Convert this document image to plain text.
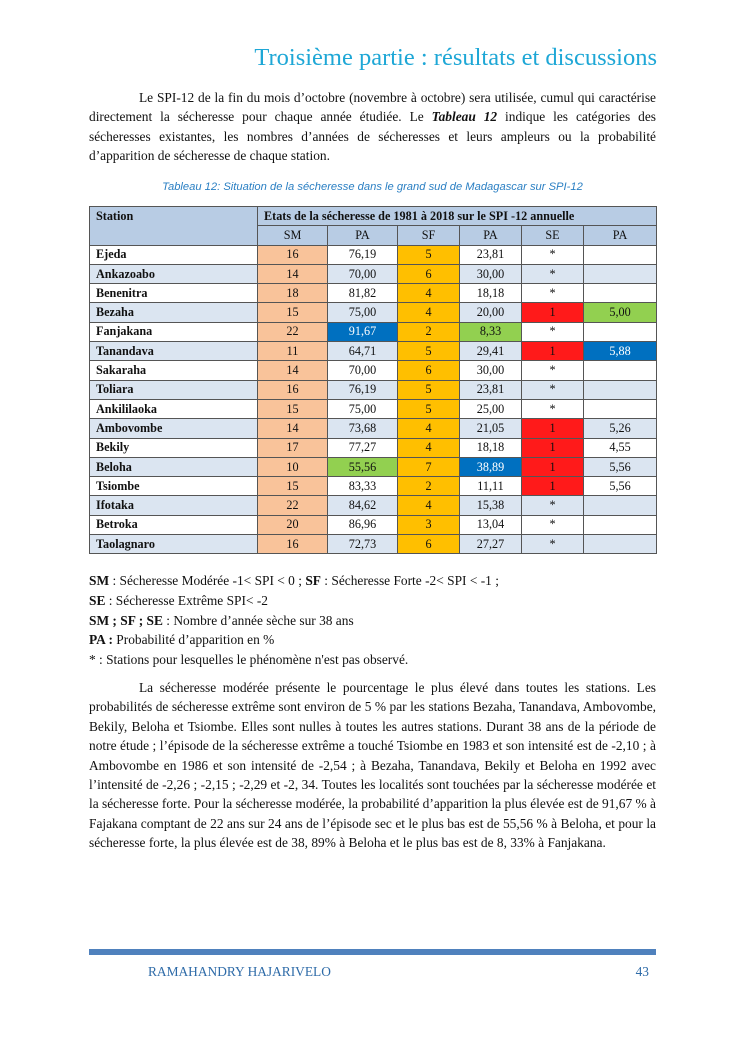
Troisième partie : résultats et discussions
Le SPI-12 de la fin du mois d’octobre (novembre à octobre) sera utilisée, cumul qui caractérise directement la sécheresse pour chaque année étudiée. Le Tableau 12 indique les catégories des sécheresses existantes, les nombres d’années de sécheresses et leurs ampleurs ou la probabilité d’apparition de sécheresse de chaque station.
Tableau 12: Situation de la sécheresse dans le grand sud de Madagascar sur SPI-12
Station	Etats de la sécheresse de 1981 à 2018 sur le SPI -12 annuelle					
	SM	PA	SF	PA	SE	PA
Ejeda	16	76,19	5	23,81	*	
Ankazoabo	14	70,00	6	30,00	*	
Benenitra	18	81,82	4	18,18	*	
Bezaha	15	75,00	4	20,00	1	5,00
Fanjakana	22	91,67	2	8,33	*	
Tanandava	11	64,71	5	29,41	1	5,88
Sakaraha	14	70,00	6	30,00	*	
Toliara	16	76,19	5	23,81	*	
Ankililaoka	15	75,00	5	25,00	*	
Ambovombe	14	73,68	4	21,05	1	5,26
Bekily	17	77,27	4	18,18	1	4,55
Beloha	10	55,56	7	38,89	1	5,56
Tsiombe	15	83,33	2	11,11	1	5,56
Ifotaka	22	84,62	4	15,38	*	
Betroka	20	86,96	3	13,04	*	
Taolagnaro	16	72,73	6	27,27	*	
SM : Sécheresse Modérée -1< SPI < 0 ; SF : Sécheresse Forte -2< SPI < -1 ;
SE : Sécheresse Extrême SPI< -2
SM ; SF ; SE : Nombre d’année sèche sur 38 ans
PA : Probabilité d’apparition en %
* : Stations pour lesquelles le phénomène n'est pas observé.
La sécheresse modérée présente le pourcentage le plus élevé dans toutes les stations. Les probabilités de sécheresse extrême sont environ de 5 % par les stations Bezaha, Tanandava, Ambovombe, Bekily, Beloha et Tsiombe. Elles sont nulles à toutes les autres stations. Durant 38 ans de la période de notre étude ; l’épisode de la sécheresse extrême a touché Tsiombe en 1983 et son intensité est de -2,10 ; à Ambovombe en 1986 et son intensité de -2,54 ; à Bezaha, Tanandava, Bekily et Beloha en 1992 avec l’intensité de -2,26 ; -2,15 ; -2,29 et -2, 34. Toutes les localités sont touchées par la sécheresse modérée et la sécheresse forte. Pour la sécheresse modérée, la probabilité d’apparition la plus élevée est de 91,67 % à Fajakana comptant de 22 ans sur 24 ans de l’épisode sec et le plus bas est de 55,56 % à Beloha, et pour la sécheresse forte, la plus élevée est de 38, 89% à Beloha et le plus bas est de 8, 33% à Fanjakana.
RAMAHANDRY HAJARIVELO	43
